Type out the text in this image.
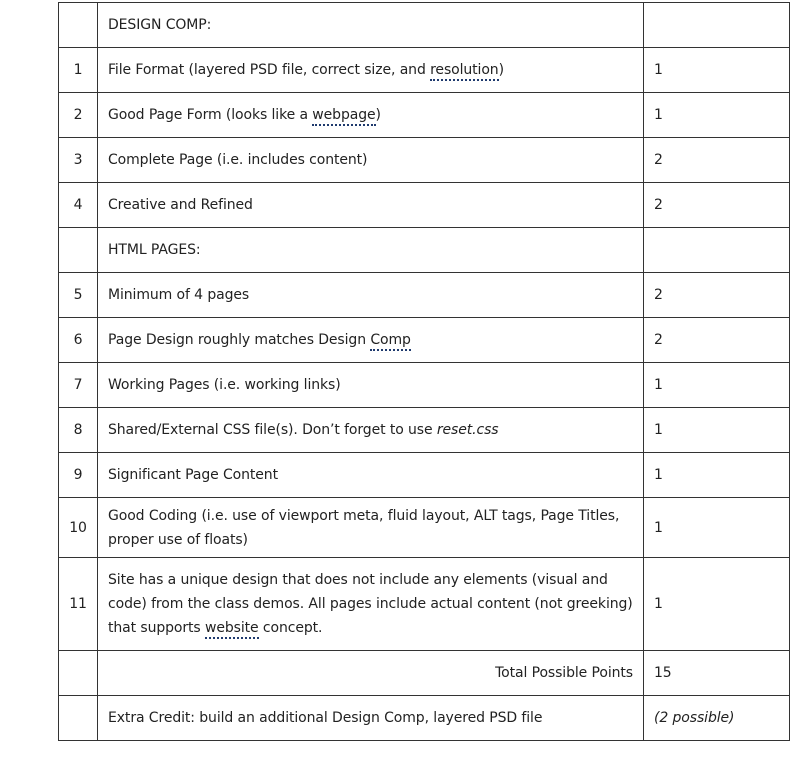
	DESIGN COMP:	
1	File Format (layered PSD file, correct size, and resolution)	1
2	Good Page Form (looks like a webpage)	1
3	Complete Page (i.e. includes content)	2
4	Creative and Refined	2
	HTML PAGES:	
5	Minimum of 4 pages	2
6	Page Design roughly matches Design Comp	2
7	Working Pages (i.e. working links)	1
8	Shared/External CSS file(s). Don’t forget to use reset.css	1
9	Significant Page Content	1
10	Good Coding (i.e. use of viewport meta, fluid layout, ALT tags, Page Titles,
proper use of floats)	1
11	Site has a unique design that does not include any elements (visual and
code) from the class demos. All pages include actual content (not greeking)
that supports website concept.	1
	Total Possible Points	15
	Extra Credit: build an additional Design Comp, layered PSD file	(2 possible)
